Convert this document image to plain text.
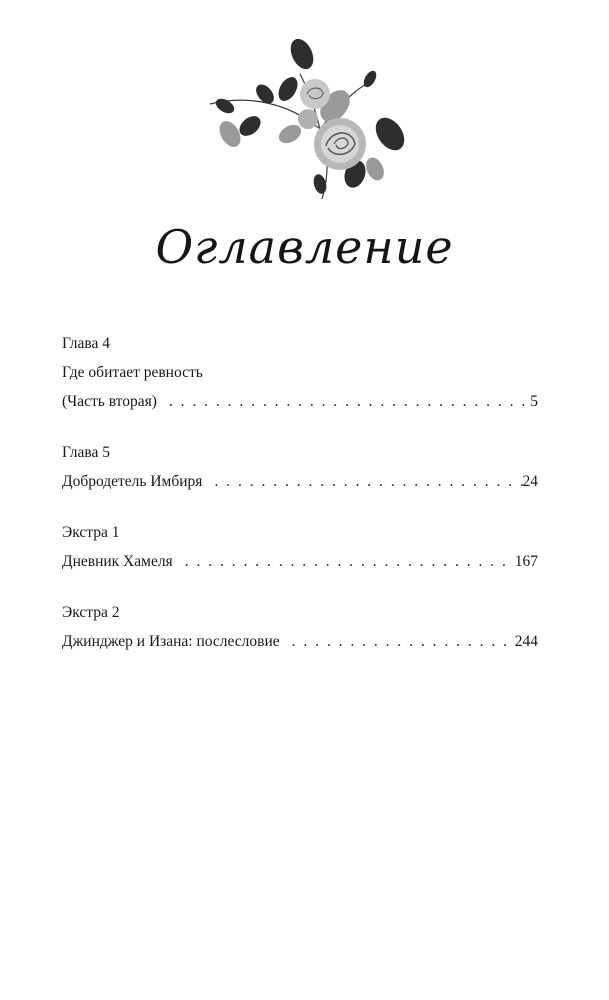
Оглавление
Глава 4
Где обитает ревность
(Часть вторая) . . .	5
Глава 5
Добродетель Имбиря . . .	24
Экстра 1
Дневник Хамеля . . .	167
Экстра 2
Джинджер и Изана: послесловие . . .	244
